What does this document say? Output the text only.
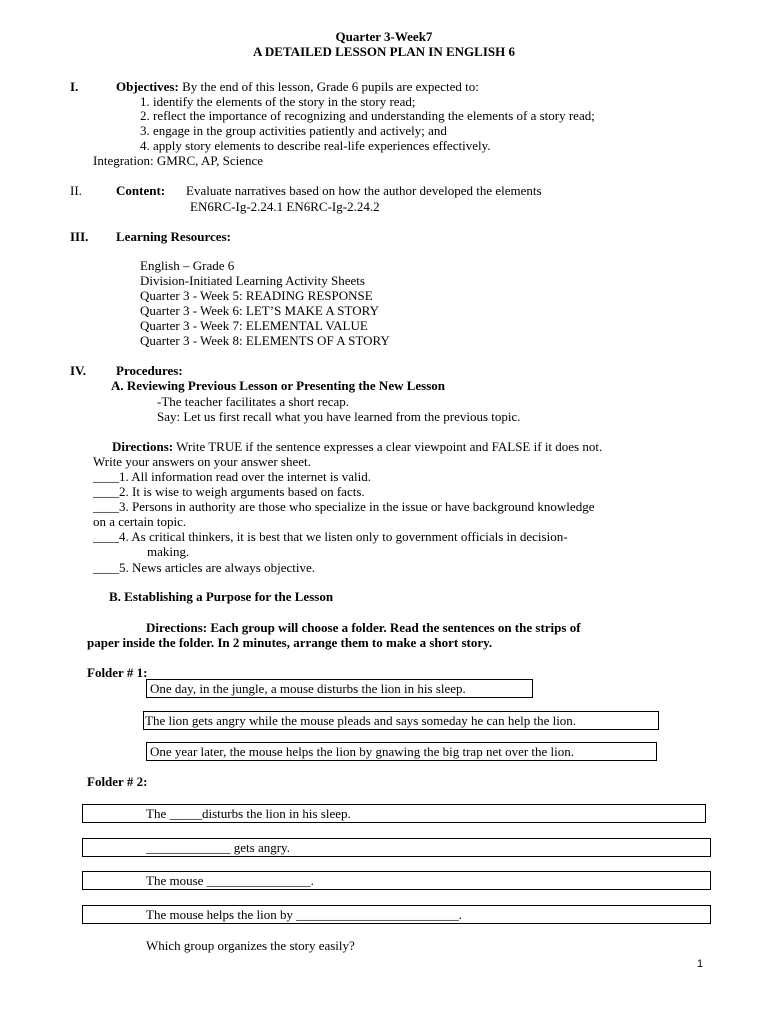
Quarter 3-Week7
A DETAILED LESSON PLAN IN ENGLISH 6
I.	Objectives: By the end of this lesson, Grade 6 pupils are expected to:
1. identify the elements of the story in the story read;
2. reflect the importance of recognizing and understanding the elements of a story read;
3. engage in the group activities patiently and actively; and
4. apply story elements to describe real-life experiences effectively.
Integration: GMRC, AP, Science
II.	Content: Evaluate narratives based on how the author developed the elements
EN6RC-Ig-2.24.1 EN6RC-Ig-2.24.2
III. Learning Resources:
English – Grade 6
Division-Initiated Learning Activity Sheets
Quarter 3 - Week 5: READING RESPONSE
Quarter 3 - Week 6: LET’S MAKE A STORY
Quarter 3 - Week 7: ELEMENTAL VALUE
Quarter 3 - Week 8: ELEMENTS OF A STORY
IV. Procedures:
A. Reviewing Previous Lesson or Presenting the New Lesson
-The teacher facilitates a short recap.
Say: Let us first recall what you have learned from the previous topic.
Directions: Write TRUE if the sentence expresses a clear viewpoint and FALSE if it does not.
Write your answers on your answer sheet.
____1. All information read over the internet is valid.
____2. It is wise to weigh arguments based on facts.
____3. Persons in authority are those who specialize in the issue or have background knowledge
on a certain topic.
____4. As critical thinkers, it is best that we listen only to government officials in decision-
making.
____5. News articles are always objective.
B. Establishing a Purpose for the Lesson
Directions: Each group will choose a folder. Read the sentences on the strips of
paper inside the folder. In 2 minutes, arrange them to make a short story.
Folder # 1:
One day, in the jungle, a mouse disturbs the lion in his sleep.
The lion gets angry while the mouse pleads and says someday he can help the lion.
One year later, the mouse helps the lion by gnawing the big trap net over the lion.
Folder # 2:
The _____disturbs the lion in his sleep.
_____________ gets angry.
The mouse ________________.
The mouse helps the lion by _________________________.
Which group organizes the story easily?
1
